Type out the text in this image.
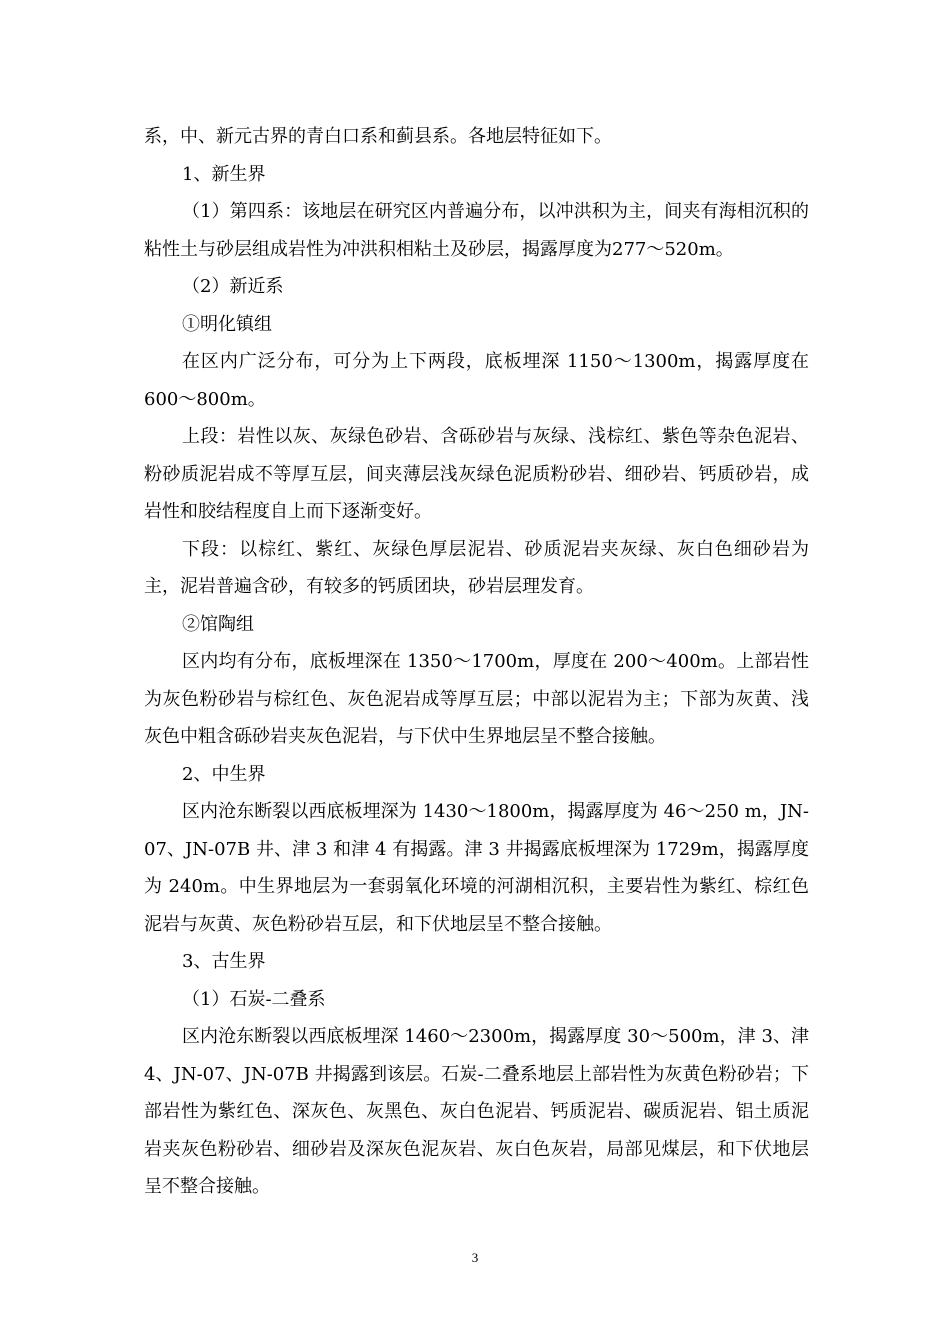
系，中、新元古界的青白口系和蓟县系。各地层特征如下。

1、新生界

（1）第四系：该地层在研究区内普遍分布，以冲洪积为主，间夹有海相沉积的粘性土与砂层组成岩性为冲洪积相粘土及砂层，揭露厚度为277～520m。

（2）新近系

①明化镇组

在区内广泛分布，可分为上下两段，底板埋深 1150～1300m，揭露厚度在600～800m。

上段：岩性以灰、灰绿色砂岩、含砾砂岩与灰绿、浅棕红、紫色等杂色泥岩、粉砂质泥岩成不等厚互层，间夹薄层浅灰绿色泥质粉砂岩、细砂岩、钙质砂岩，成岩性和胶结程度自上而下逐渐变好。

下段：以棕红、紫红、灰绿色厚层泥岩、砂质泥岩夹灰绿、灰白色细砂岩为主，泥岩普遍含砂，有较多的钙质团块，砂岩层理发育。

②馆陶组

区内均有分布，底板埋深在 1350～1700m，厚度在 200～400m。上部岩性为灰色粉砂岩与棕红色、灰色泥岩成等厚互层；中部以泥岩为主；下部为灰黄、浅灰色中粗含砾砂岩夹灰色泥岩，与下伏中生界地层呈不整合接触。

2、中生界

区内沧东断裂以西底板埋深为 1430～1800m，揭露厚度为 46～250 m，JN-07、JN-07B 井、津 3 和津 4 有揭露。津 3 井揭露底板埋深为 1729m，揭露厚度为 240m。中生界地层为一套弱氧化环境的河湖相沉积，主要岩性为紫红、棕红色泥岩与灰黄、灰色粉砂岩互层，和下伏地层呈不整合接触。

3、古生界

（1）石炭-二叠系

区内沧东断裂以西底板埋深 1460～2300m，揭露厚度 30～500m，津 3、津 4、JN-07、JN-07B 井揭露到该层。石炭-二叠系地层上部岩性为灰黄色粉砂岩；下部岩性为紫红色、深灰色、灰黑色、灰白色泥岩、钙质泥岩、碳质泥岩、铝土质泥岩夹灰色粉砂岩、细砂岩及深灰色泥灰岩、灰白色灰岩，局部见煤层，和下伏地层呈不整合接触。

3
